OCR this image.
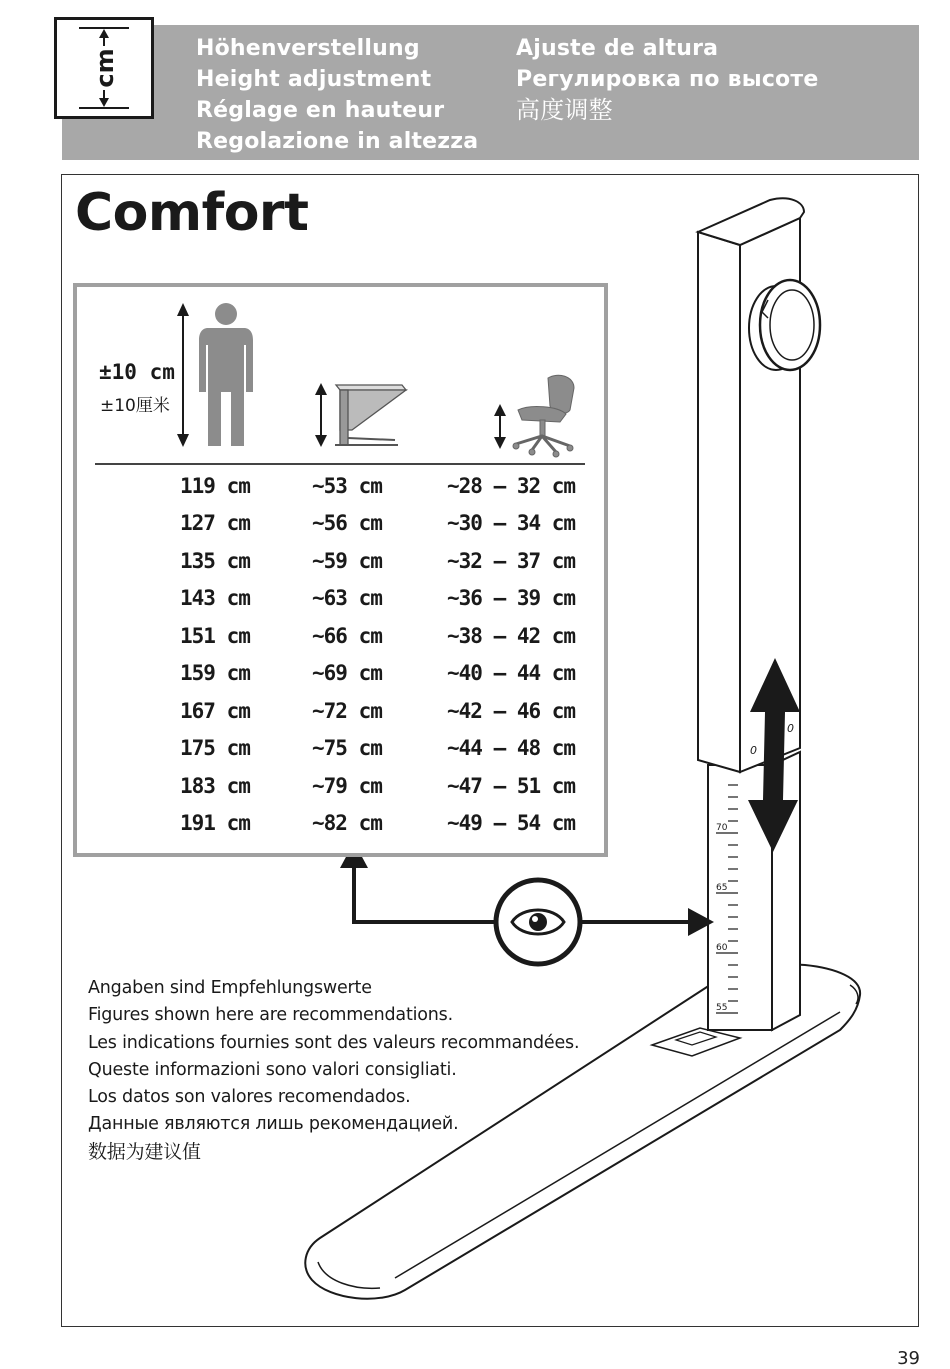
Höhenverstellung
Height adjustment
Réglage en hauteur
Regolazione in altezza
Ajuste de altura
Регулировка по высоте
高度调整
cm
Comfort
70
65
60
55
0
0
±10 cm
±10厘米
119 cm	~53 cm	~28 – 32 cm
127 cm	~56 cm	~30 – 34 cm
135 cm	~59 cm	~32 – 37 cm
143 cm	~63 cm	~36 – 39 cm
151 cm	~66 cm	~38 – 42 cm
159 cm	~69 cm	~40 – 44 cm
167 cm	~72 cm	~42 – 46 cm
175 cm	~75 cm	~44 – 48 cm
183 cm	~79 cm	~47 – 51 cm
191 cm	~82 cm	~49 – 54 cm
Angaben sind Empfehlungswerte
Figures shown here are recommendations.
Les indications fournies sont des valeurs recommandées.
Queste informazioni sono valori consigliati.
Los datos son valores recomendados.
Данные являются лишь рекомендацией.
数据为建议值
39
